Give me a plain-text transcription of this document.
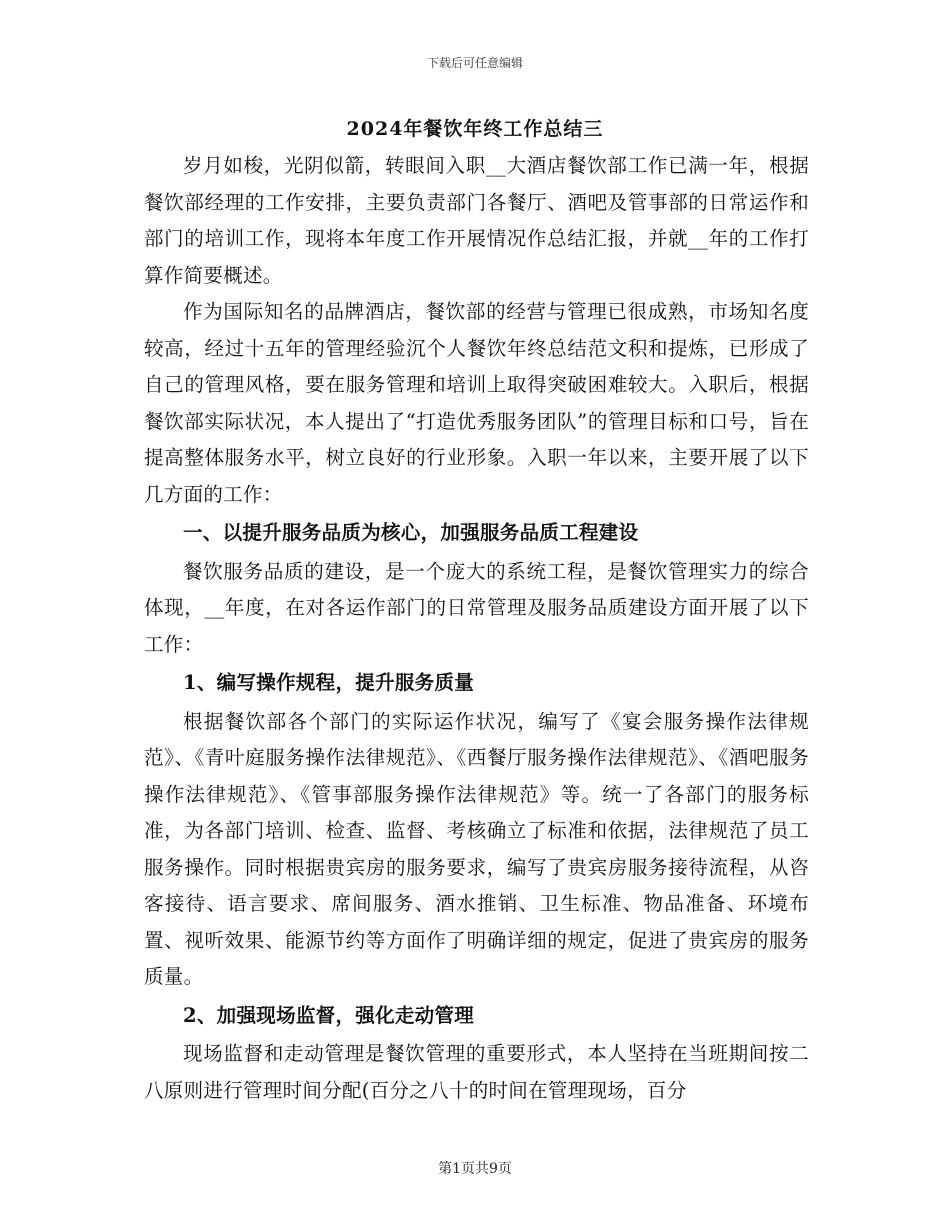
下载后可任意编辑
2024年餐饮年终工作总结三

岁月如梭，光阴似箭，转眼间入职__大酒店餐饮部工作已满一年，根据餐饮部经理的工作安排，主要负责部门各餐厅、酒吧及管事部的日常运作和部门的培训工作，现将本年度工作开展情况作总结汇报，并就__年的工作打算作简要概述。

作为国际知名的品牌酒店，餐饮部的经营与管理已很成熟，市场知名度较高，经过十五年的管理经验沉个人餐饮年终总结范文积和提炼，已形成了自己的管理风格，要在服务管理和培训上取得突破困难较大。入职后，根据餐饮部实际状况，本人提出了“打造优秀服务团队”的管理目标和口号，旨在提高整体服务水平，树立良好的行业形象。入职一年以来，主要开展了以下几方面的工作：

一、以提升服务品质为核心，加强服务品质工程建设

餐饮服务品质的建设，是一个庞大的系统工程，是餐饮管理实力的综合体现，__年度，在对各运作部门的日常管理及服务品质建设方面开展了以下工作：

1、编写操作规程，提升服务质量

根据餐饮部各个部门的实际运作状况，编写了《宴会服务操作法律规范》、《青叶庭服务操作法律规范》、《西餐厅服务操作法律规范》、《酒吧服务操作法律规范》、《管事部服务操作法律规范》等。统一了各部门的服务标准，为各部门培训、检查、监督、考核确立了标准和依据，法律规范了员工服务操作。同时根据贵宾房的服务要求，编写了贵宾房服务接待流程，从咨客接待、语言要求、席间服务、酒水推销、卫生标准、物品准备、环境布置、视听效果、能源节约等方面作了明确详细的规定，促进了贵宾房的服务质量。

2、加强现场监督，强化走动管理

现场监督和走动管理是餐饮管理的重要形式，本人坚持在当班期间按二八原则进行管理时间分配(百分之八十的时间在管理现场，百分

第1页共9页
